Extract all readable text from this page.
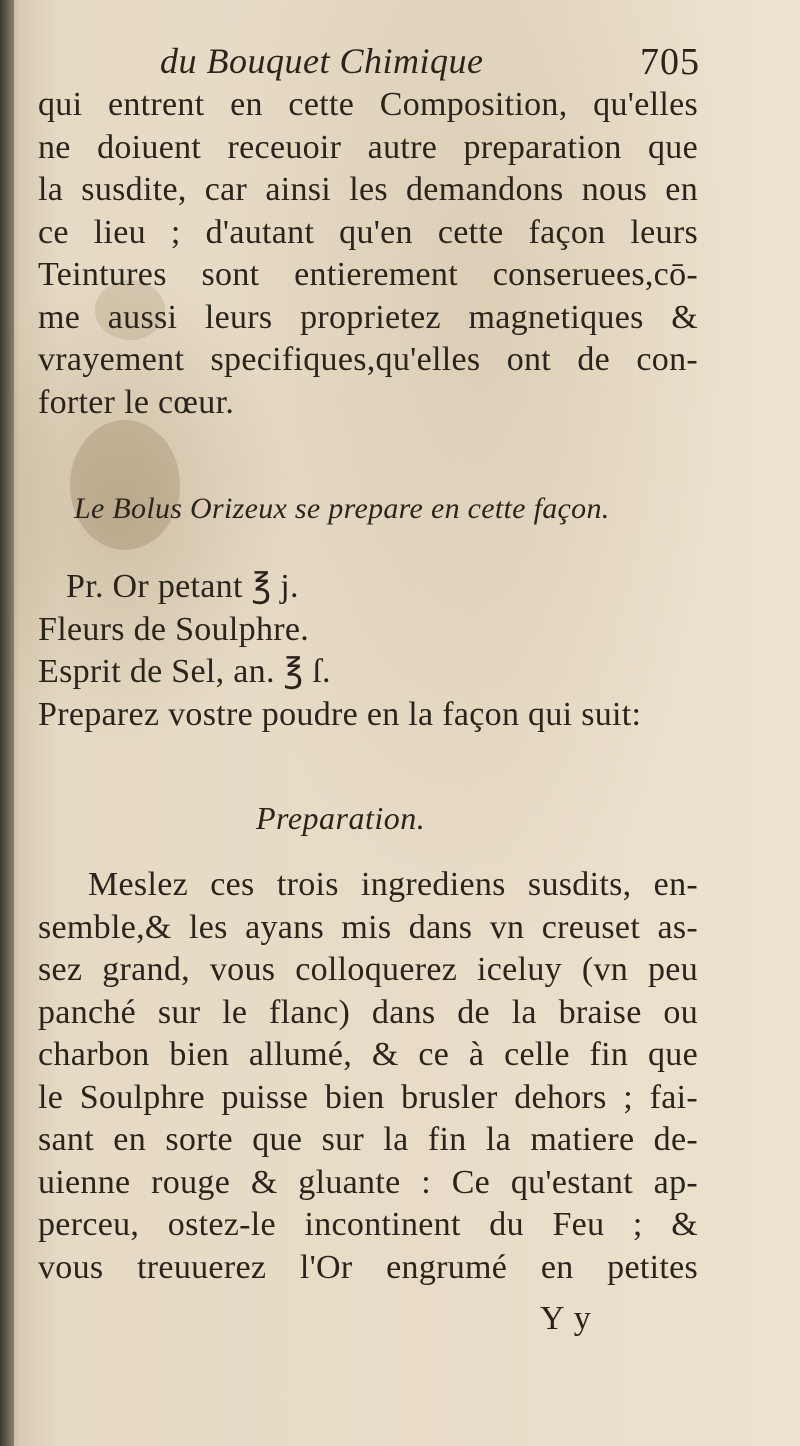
du Bouquet Chimique	705
qui entrent en cette Composition, qu'elles
ne doiuent receuoir autre preparation que
la susdite, car ainsi les demandons nous en
ce lieu ; d'autant qu'en cette façon leurs
Teintures sont entierement conseruees,cō-
me aussi leurs proprietez magnetiques &
vrayement specifiques,qu'elles ont de con-
forter le cœur.
Le Bolus Orizeux se prepare en cette façon.
Pr. Or petant ℥ j.
Fleurs de Soulphre.
Esprit de Sel, an. ℥ ſ.
Preparez vostre poudre en la façon qui suit:
Preparation.
Meslez ces trois ingrediens susdits, en-
semble,& les ayans mis dans vn creuset as-
sez grand, vous colloquerez iceluy (vn peu
panché sur le flanc) dans de la braise ou
charbon bien allumé, & ce à celle fin que
le Soulphre puisse bien brusler dehors ; fai-
sant en sorte que sur la fin la matiere de-
uienne rouge & gluante : Ce qu'estant ap-
perceu, ostez-le incontinent du Feu ; &
vous treuuerez l'Or engrumé en petites
Y y
